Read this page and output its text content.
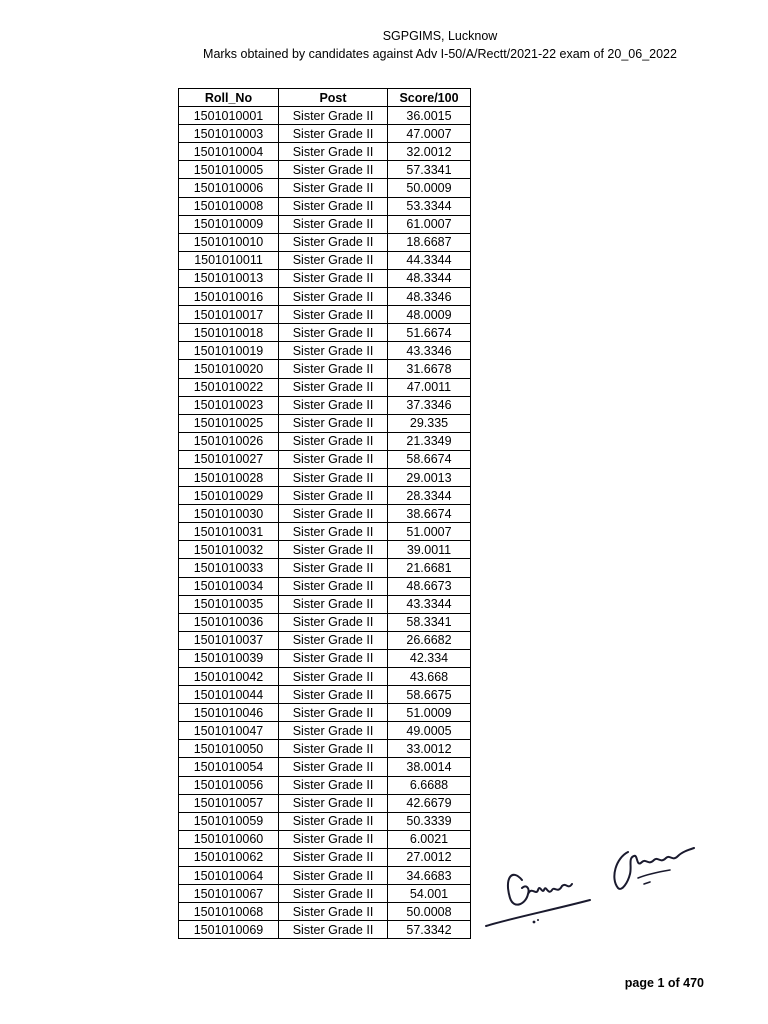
SGPGIMS, Lucknow
Marks obtained by candidates against Adv I-50/A/Rectt/2021-22 exam of 20_06_2022
Roll_No	Post	Score/100
1501010001	Sister Grade II	36.0015
1501010003	Sister Grade II	47.0007
1501010004	Sister Grade II	32.0012
1501010005	Sister Grade II	57.3341
1501010006	Sister Grade II	50.0009
1501010008	Sister Grade II	53.3344
1501010009	Sister Grade II	61.0007
1501010010	Sister Grade II	18.6687
1501010011	Sister Grade II	44.3344
1501010013	Sister Grade II	48.3344
1501010016	Sister Grade II	48.3346
1501010017	Sister Grade II	48.0009
1501010018	Sister Grade II	51.6674
1501010019	Sister Grade II	43.3346
1501010020	Sister Grade II	31.6678
1501010022	Sister Grade II	47.0011
1501010023	Sister Grade II	37.3346
1501010025	Sister Grade II	29.335
1501010026	Sister Grade II	21.3349
1501010027	Sister Grade II	58.6674
1501010028	Sister Grade II	29.0013
1501010029	Sister Grade II	28.3344
1501010030	Sister Grade II	38.6674
1501010031	Sister Grade II	51.0007
1501010032	Sister Grade II	39.0011
1501010033	Sister Grade II	21.6681
1501010034	Sister Grade II	48.6673
1501010035	Sister Grade II	43.3344
1501010036	Sister Grade II	58.3341
1501010037	Sister Grade II	26.6682
1501010039	Sister Grade II	42.334
1501010042	Sister Grade II	43.668
1501010044	Sister Grade II	58.6675
1501010046	Sister Grade II	51.0009
1501010047	Sister Grade II	49.0005
1501010050	Sister Grade II	33.0012
1501010054	Sister Grade II	38.0014
1501010056	Sister Grade II	6.6688
1501010057	Sister Grade II	42.6679
1501010059	Sister Grade II	50.3339
1501010060	Sister Grade II	6.0021
1501010062	Sister Grade II	27.0012
1501010064	Sister Grade II	34.6683
1501010067	Sister Grade II	54.001
1501010068	Sister Grade II	50.0008
1501010069	Sister Grade II	57.3342
page 1 of 470
